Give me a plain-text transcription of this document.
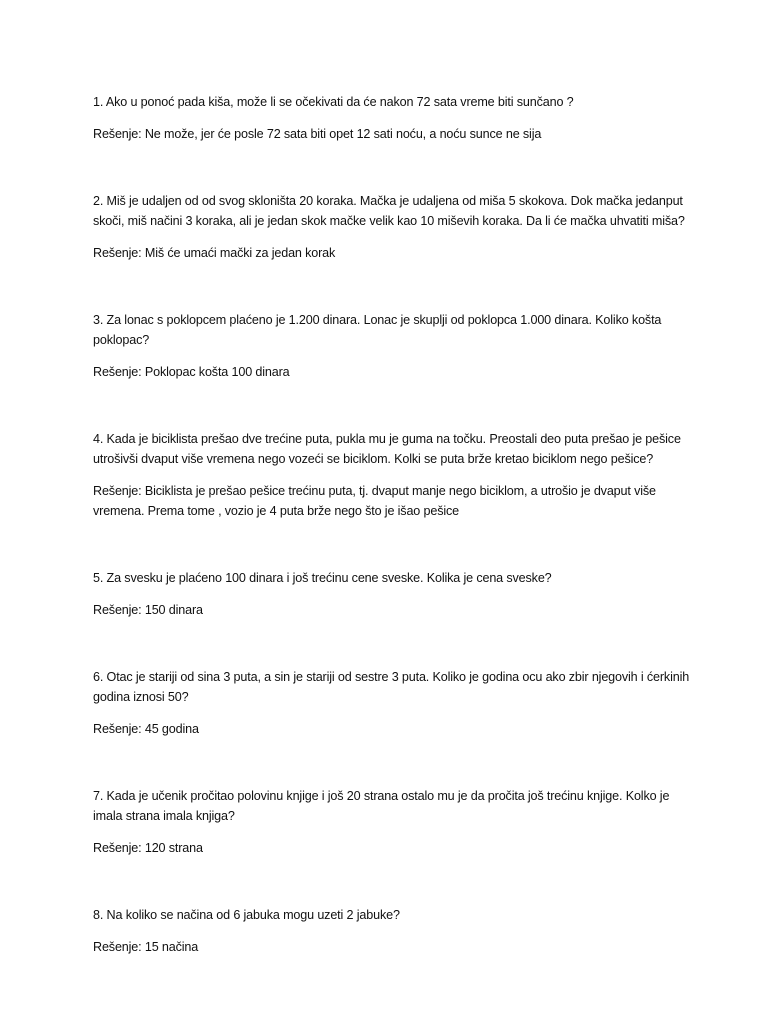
1. Ako u ponoć pada kiša, može li se očekivati da će nakon 72 sata vreme biti sunčano ?

Rešenje: Ne može, jer će posle 72 sata biti opet 12 sati noću, a noću sunce ne sija

2. Miš je udaljen od od svog skloništa 20 koraka. Mačka je udaljena od miša 5 skokova. Dok mačka jedanput skoči, miš načini 3 koraka, ali je jedan skok mačke velik kao 10 miševih koraka. Da li će mačka uhvatiti miša?

Rešenje: Miš će umaći mački za jedan korak

3. Za lonac s poklopcem plaćeno je 1.200 dinara. Lonac je skuplji od poklopca 1.000 dinara. Koliko košta poklopac?

Rešenje: Poklopac košta 100 dinara

4. Kada je biciklista prešao dve trećine puta, pukla mu je guma na točku. Preostali deo puta prešao je pešice utrošivši dvaput više vremena nego vozeći se biciklom. Kolki se puta brže kretao biciklom nego pešice?

Rešenje: Biciklista je prešao pešice trećinu puta, tj. dvaput manje nego biciklom, a utrošio je dvaput više vremena. Prema tome , vozio je 4 puta brže nego što je išao pešice

5. Za svesku je plaćeno 100 dinara i još trećinu cene sveske. Kolika je cena sveske?

Rešenje: 150 dinara

6. Otac je stariji od sina 3 puta, a sin je stariji od sestre 3 puta. Koliko je godina ocu ako zbir njegovih i ćerkinih godina iznosi 50?

Rešenje: 45 godina

7. Kada je učenik pročitao polovinu knjige i još 20 strana ostalo mu je da pročita još trećinu knjige. Kolko je imala strana imala knjiga?

Rešenje: 120 strana

8. Na koliko se načina od 6 jabuka mogu uzeti 2 jabuke?

Rešenje: 15 načina
